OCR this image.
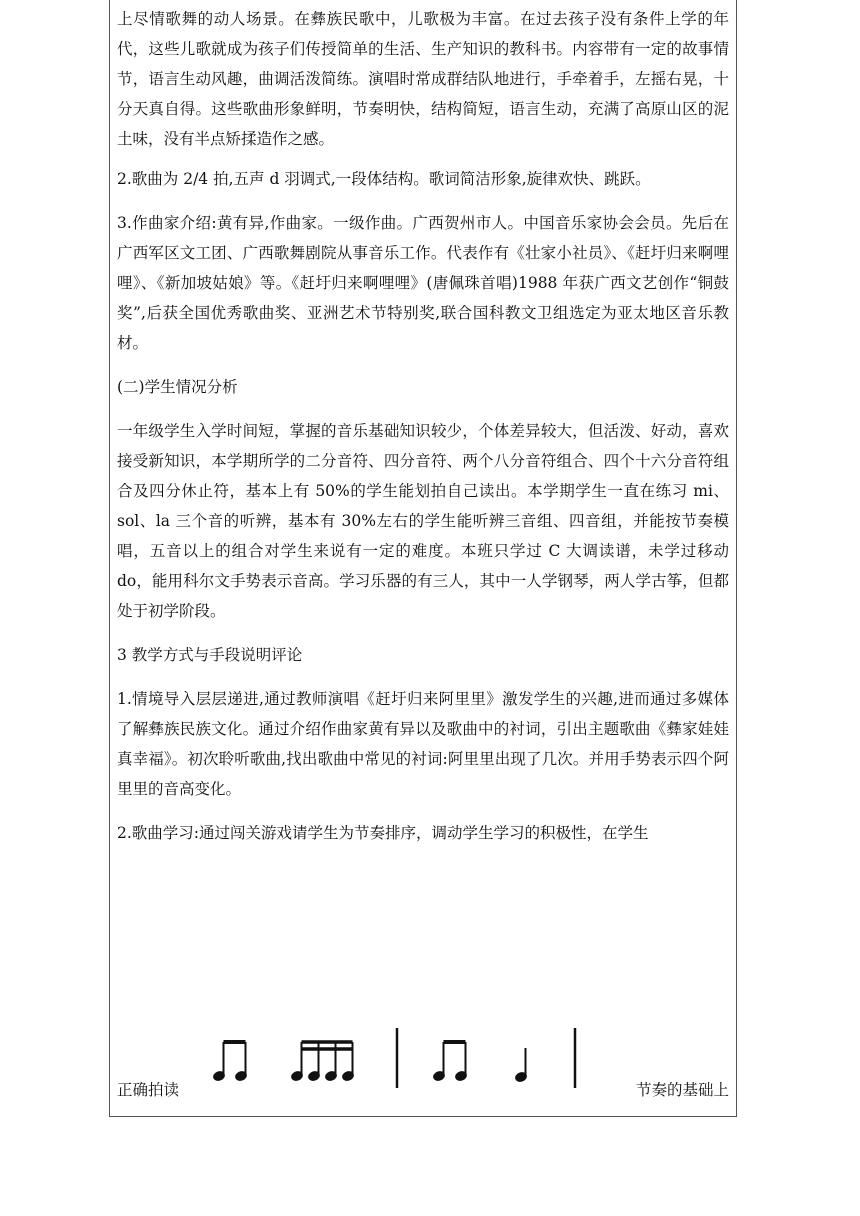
上尽情歌舞的动人场景。在彝族民歌中，儿歌极为丰富。在过去孩子没有条件上学的年代，这些儿歌就成为孩子们传授简单的生活、生产知识的教科书。内容带有一定的故事情节，语言生动风趣，曲调活泼简练。演唱时常成群结队地进行，手牵着手，左摇右晃，十分天真自得。这些歌曲形象鲜明，节奏明快，结构简短，语言生动，充满了高原山区的泥土味，没有半点矫揉造作之感。

2.歌曲为 2/4 拍,五声 d 羽调式,一段体结构。歌词简洁形象,旋律欢快、跳跃。

3.作曲家介绍:黄有异,作曲家。一级作曲。广西贺州市人。中国音乐家协会会员。先后在广西军区文工团、广西歌舞剧院从事音乐工作。代表作有《壮家小社员》、《赶圩归来啊哩哩》、《新加坡姑娘》等。《赶圩归来啊哩哩》(唐佩珠首唱)1988 年获广西文艺创作“铜鼓奖”,后获全国优秀歌曲奖、亚洲艺术节特别奖,联合国科教文卫组选定为亚太地区音乐教材。

(二)学生情况分析

一年级学生入学时间短，掌握的音乐基础知识较少，个体差异较大，但活泼、好动，喜欢接受新知识，本学期所学的二分音符、四分音符、两个八分音符组合、四个十六分音符组合及四分休止符，基本上有 50%的学生能划拍自己读出。本学期学生一直在练习 mi、sol、la 三个音的听辨，基本有 30%左右的学生能听辨三音组、四音组，并能按节奏模唱，五音以上的组合对学生来说有一定的难度。本班只学过 C 大调读谱，未学过移动 do，能用科尔文手势表示音高。学习乐器的有三人，其中一人学钢琴，两人学古筝，但都处于初学阶段。

3 教学方式与手段说明评论

1.情境导入层层递进,通过教师演唱《赶圩归来阿里里》激发学生的兴趣,进而通过多媒体了解彝族民族文化。通过介绍作曲家黄有异以及歌曲中的衬词，引出主题歌曲《彝家娃娃真幸福》。初次聆听歌曲,找出歌曲中常见的衬词:阿里里出现了几次。并用手势表示四个阿里里的音高变化。

2.歌曲学习:通过闯关游戏请学生为节奏排序，调动学生学习的积极性，在学生

正确拍读	节奏的基础上
